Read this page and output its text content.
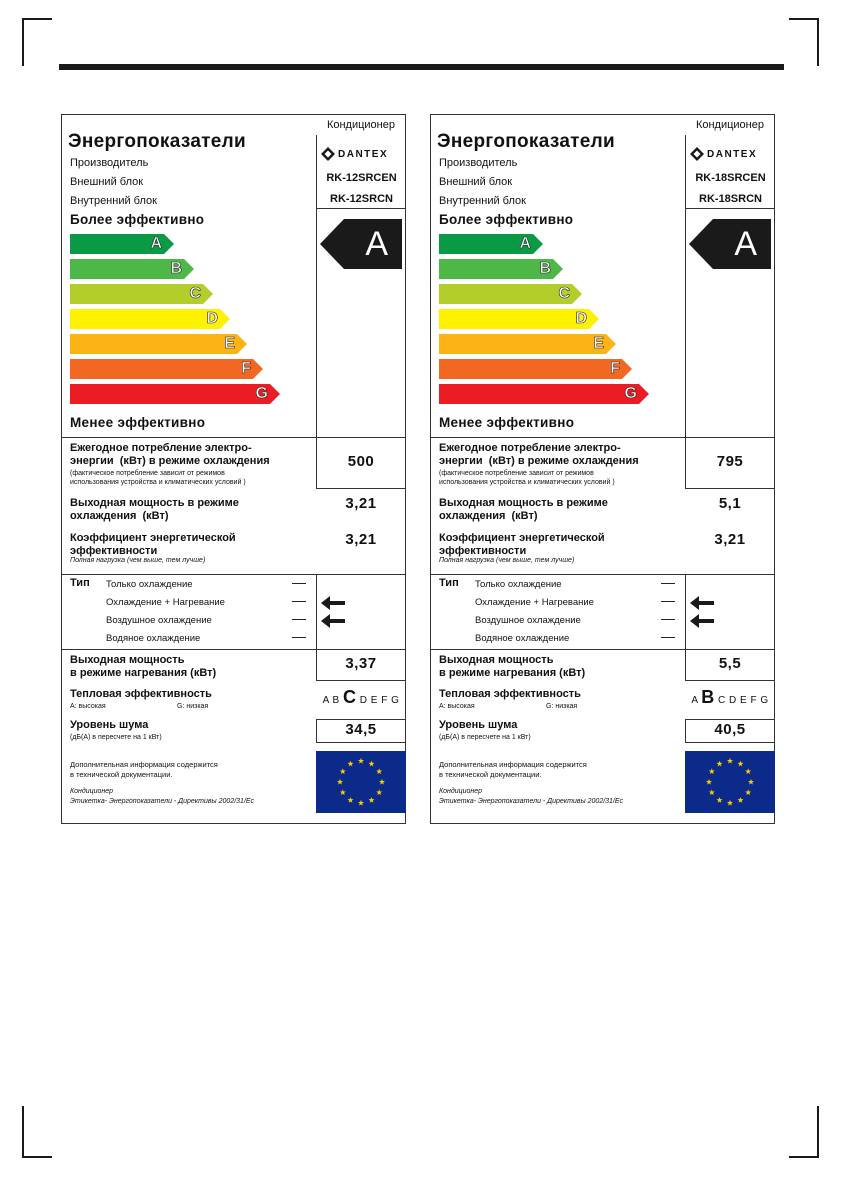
Кондиционер
Энергопоказатели
Производитель
Внешний блок
Внутренний блок
DANTEX
RK-12SRCEN
RK-12SRCN
Более эффективно
A
B
C
D
E
F
G
A
Менее эффективно
Ежегодное потребление электро-
энергии  (кВт) в режиме охлаждения
(фактическое потребление зависит от режимов
использования устройства и климатических условий )
500
Выходная мощность в режиме
охлаждения  (кВт)
3,21
Коэффициент энергетической
эффективности
Полная нагрузка (чем выше, тем лучше)
3,21
Тип Только охлаждение
Охлаждение + Нагревание
Воздушное охлаждение
Водяное охлаждение
Выходная мощность
в режиме нагревания (кВт)
3,37
Тепловая эффективность
A: высокая	G: низкая
A B C D E F G
Уровень шума
(дБ(A) в пересчете на 1 кВт)	34,5
Дополнительная информация содержится
в технической документации.
Кондиционер
Этикетка- Энергопоказатели - Директивы 2002/31/Ec
Кондиционер
Энергопоказатели
Производитель
Внешний блок
Внутренний блок
DANTEX
RK-18SRCEN
RK-18SRCN
Более эффективно
A
B
C
D
E
F
G
A
Менее эффективно
Ежегодное потребление электро-
энергии  (кВт) в режиме охлаждения
(фактическое потребление зависит от режимов
использования устройства и климатических условий )
795
Выходная мощность в режиме
охлаждения  (кВт)
5,1
Коэффициент энергетической
эффективности
Полная нагрузка (чем выше, тем лучше)
3,21
Тип Только охлаждение
Охлаждение + Нагревание
Воздушное охлаждение
Водяное охлаждение
Выходная мощность
в режиме нагревания (кВт)
5,5
Тепловая эффективность
A: высокая	G: низкая
A B C D E F G
Уровень шума
(дБ(A) в пересчете на 1 кВт)	40,5
Дополнительная информация содержится
в технической документации.
Кондиционер
Этикетка- Энергопоказатели - Директивы 2002/31/Ec
